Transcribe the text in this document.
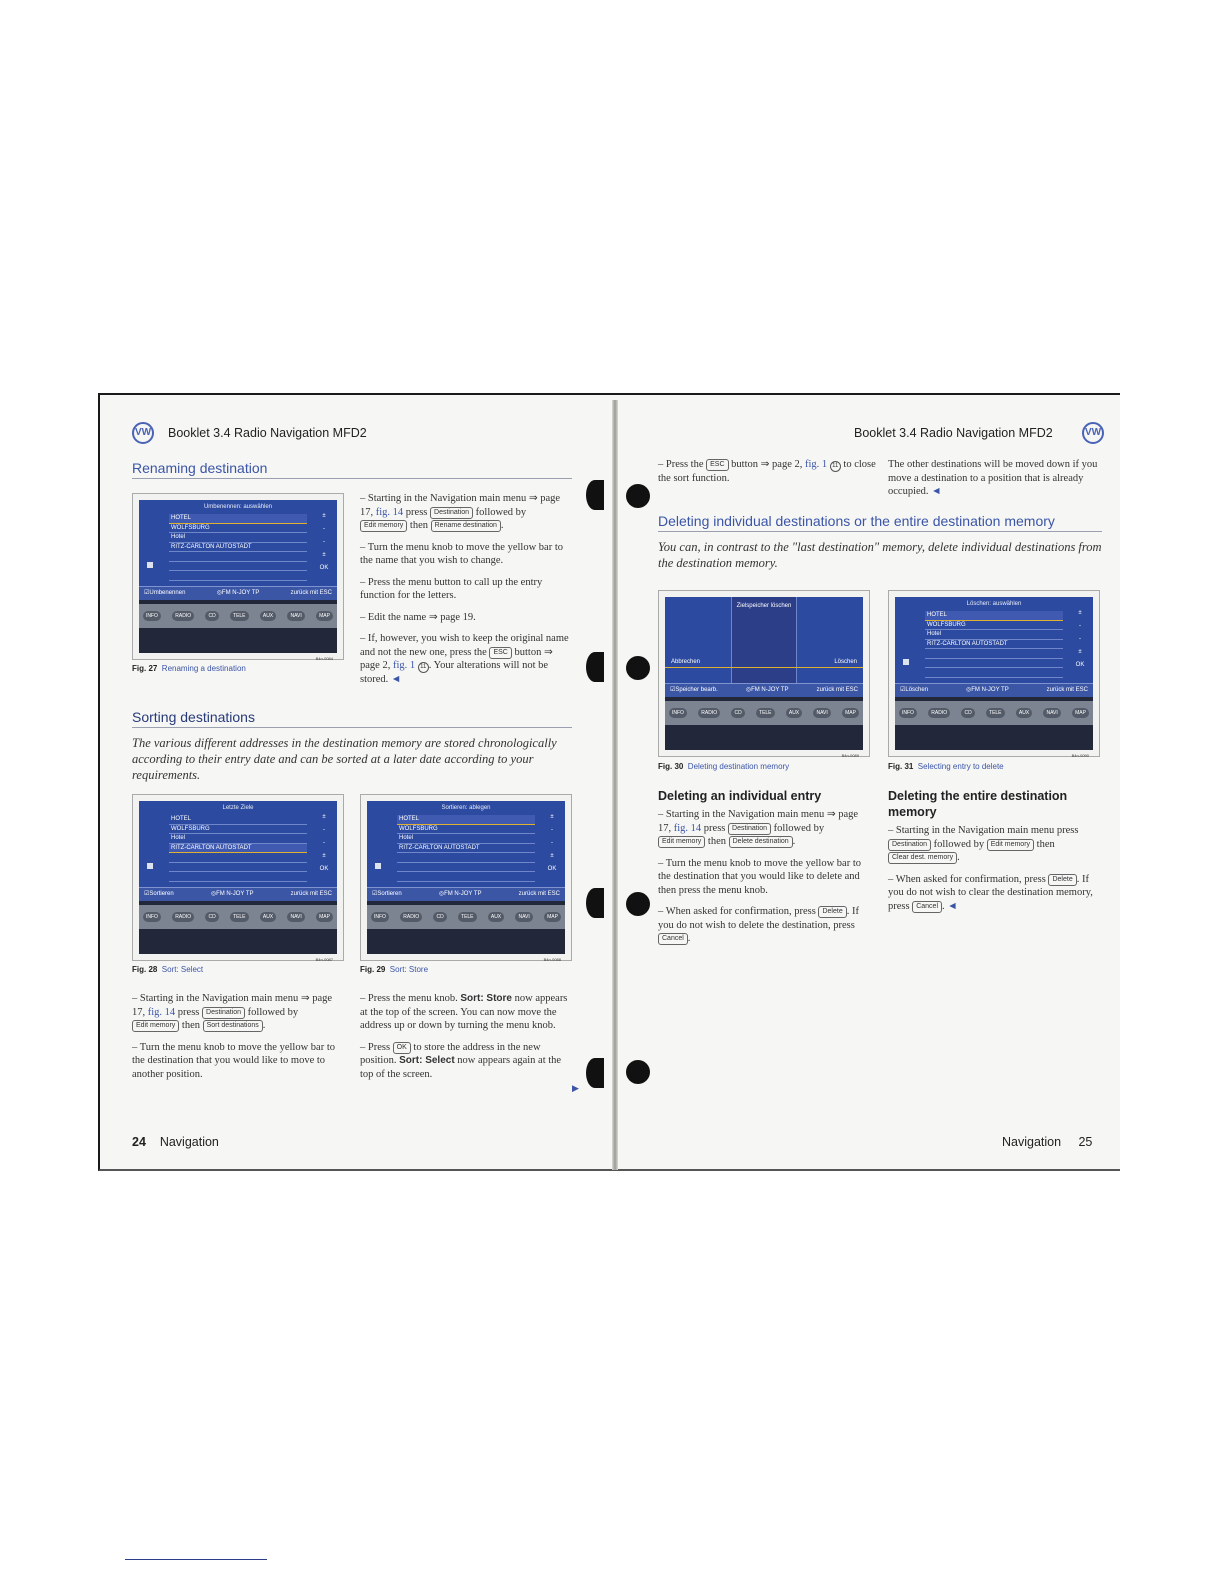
VW Booklet 3.4 Radio Navigation MFD2
Renaming destination
Umbenennen: auswählen
HOTEL
WOLFSBURG
Hotel
RITZ-CARLTON AUTOSTADT
±
-
-
±
OK
☑Umbenennen	◎FM N-JOY TP	zurück mit ESC
INFO	RADIO	CD	TELE	AUX	NAVI	MAP
B4n-0084
Fig. 27 Renaming a destination

– Starting in the Navigation main menu ⇒ page 17, fig. 14 press Destination followed by Edit memory then Rename destination .

– Turn the menu knob to move the yellow bar to the name that you wish to change.

– Press the menu button to call up the entry function for the letters.

– Edit the name ⇒ page 19.

– If, however, you wish to keep the original name and not the new one, press the ESC button ⇒ page 2, fig. 1 11 . Your alterations will not be stored. ◄

Sorting destinations
The various different addresses in the destination memory are stored chronologically according to their entry date and can be sorted at a later date according to your requirements.
Letzte Ziele
HOTEL
WOLFSBURG
Hotel
RITZ-CARLTON AUTOSTADT
±
-
-
±
OK
☑Sortieren	◎FM N-JOY TP	zurück mit ESC
INFO	RADIO	CD	TELE	AUX	NAVI	MAP
B4n-0087
Fig. 28 Sort: Select
Sortieren: ablegen
HOTEL
WOLFSBURG
Hotel
RITZ-CARLTON AUTOSTADT
±
-
-
±
OK
☑Sortieren	◎FM N-JOY TP	zurück mit ESC
INFO	RADIO	CD	TELE	AUX	NAVI	MAP
B4n-0088
Fig. 29 Sort: Store

– Starting in the Navigation main menu ⇒ page 17, fig. 14 press Destination followed by Edit memory then Sort destinations .

– Turn the menu knob to move the yellow bar to the destination that you would like to move to another position.

– Press the menu knob. Sort: Store now appears at the top of the screen. You can now move the address up or down by turning the menu knob.

– Press OK to store the address in the new position. Sort: Select now appears again at the top of the screen.

▶
24 Navigation
Booklet 3.4 Radio Navigation MFD2	VW

– Press the ESC button ⇒ page 2, fig. 1 11 to close the sort function.

The other destinations will be moved down if you move a destination to a position that is already occupied. ◄

Deleting individual destinations or the entire destination memory
You can, in contrast to the "last destination" memory, delete individual destinations from the destination memory.
Zielspeicher löschen
Abbrechen	Löschen
☑Speicher bearb.	◎FM N-JOY TP	zurück mit ESC
INFO	RADIO	CD	TELE	AUX	NAVI	MAP
B4n-0089
Fig. 30 Deleting destination memory
Löschen: auswählen
HOTEL
WOLFSBURG
Hotel
RITZ-CARLTON AUTOSTADT
±
-
-
±
OK
☑Löschen	◎FM N-JOY TP	zurück mit ESC
INFO	RADIO	CD	TELE	AUX	NAVI	MAP
B4n-0090
Fig. 31 Selecting entry to delete
Deleting an individual entry

– Starting in the Navigation main menu ⇒ page 17, fig. 14 press Destination followed by Edit memory then Delete destination .

– Turn the menu knob to move the yellow bar to the destination that you would like to delete and then press the menu knob.

– When asked for confirmation, press Delete . If you do not wish to delete the destination, press Cancel .

Deleting the entire destination memory

– Starting in the Navigation main menu press Destination followed by Edit memory then Clear dest. memory .

– When asked for confirmation, press Delete . If you do not wish to clear the destination memory, press Cancel . ◄

Navigation 25
